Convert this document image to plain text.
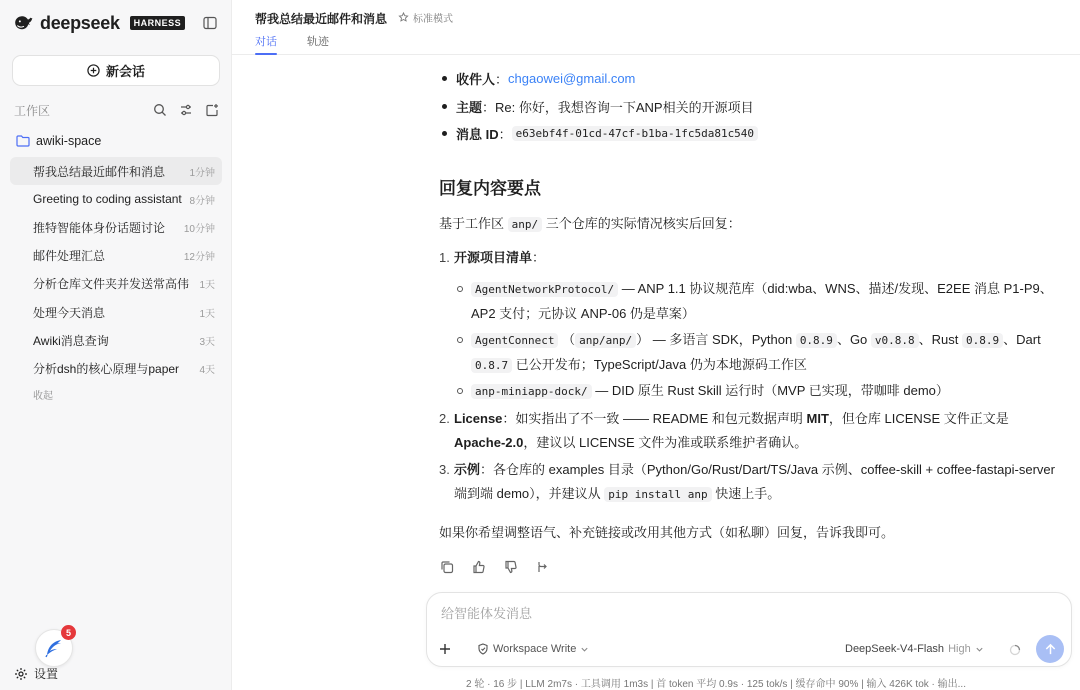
deepseek	HARNESS
新会话
工作区
awiki-space
帮我总结最近邮件和消息	1分钟
Greeting to coding assistant 8分钟
推特智能体身份话题讨论	10分钟
邮件处理汇总	12分钟
分析仓库文件夹并发送常高伟	1天
处理今天消息	1天
Awiki消息查询	3天
分析dsh的核心原理与paper	4天
收起
5
设置
帮我总结最近邮件和消息	标准模式
对话	轨迹
收件人 ： chgaowei@gmail.com
主题 ： Re: 你好，我想咨询一下ANP相关的开源项目
消息 ID ： e63ebf4f-01cd-47cf-b1ba-1fc5da81c540
回复内容要点
基于工作区 anp/ 三个仓库的实际情况核实后回复：
1. 开源项目清单：
AgentNetworkProtocol/ — ANP 1.1 协议规范库（did:wba、WNS、描述/发现、E2EE 消息 P1-P9、AP2 支付；元协议 ANP-06 仍是草案）
AgentConnect （ anp/anp/ ） — 多语言 SDK，Python 0.8.9 、Go v0.8.8 、Rust 0.8.9 、Dart 0.8.7 已公开发布；TypeScript/Java 仍为本地源码工作区
anp-miniapp-dock/ — DID 原生 Rust Skill 运行时（MVP 已实现，带咖啡 demo）
2. License：如实指出了不一致 —— README 和包元数据声明 MIT，但仓库 LICENSE 文件正文是
Apache-2.0，建议以 LICENSE 文件为准或联系维护者确认。
3. 示例：各仓库的 examples 目录（Python/Go/Rust/Dart/TS/Java 示例、coffee-skill + coffee-fastapi-server 端到端 demo），并建议从 pip install anp 快速上手。
如果你希望调整语气、补充链接或改用其他方式（如私聊）回复，告诉我即可。
给智能体发消息
Workspace Write	DeepSeek-V4-Flash High
2 轮 · 16 步 | LLM 2m7s · 工具调用 1m3s | 首 token 平均 0.9s · 125 tok/s | 缓存命中 90% | 输入 426K tok · 输出...
